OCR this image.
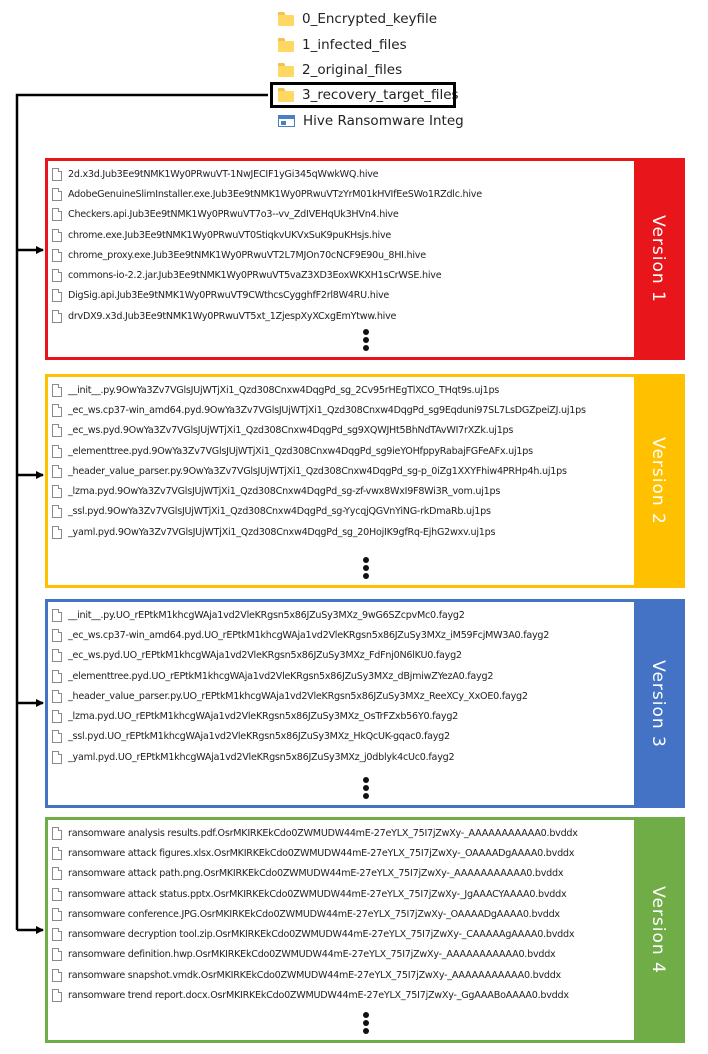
0_Encrypted_keyfile
1_infected_files
2_original_files
3_recovery_target_files
Hive Ransomware Integ
2d.x3d.Jub3Ee9tNMK1Wy0PRwuVT-1NwJECIF1yGi345qWwkWQ.hive
AdobeGenuineSlimInstaller.exe.Jub3Ee9tNMK1Wy0PRwuVTzYrM01kHVIfEeSWo1RZdlc.hive
Checkers.api.Jub3Ee9tNMK1Wy0PRwuVT7o3--vv_ZdIVEHqUk3HVn4.hive
chrome.exe.Jub3Ee9tNMK1Wy0PRwuVT0StiqkvUKVxSuK9puKHsjs.hive
chrome_proxy.exe.Jub3Ee9tNMK1Wy0PRwuVT2L7MJOn70cNCF9E90u_8HI.hive
commons-io-2.2.jar.Jub3Ee9tNMK1Wy0PRwuVT5vaZ3XD3EoxWKXH1sCrWSE.hive
DigSig.api.Jub3Ee9tNMK1Wy0PRwuVT9CWthcsCygghfF2rl8W4RU.hive
drvDX9.x3d.Jub3Ee9tNMK1Wy0PRwuVT5xt_1ZjespXyXCxgEmYtww.hive
Version 1
__init__.py.9OwYa3Zv7VGlsJUjWTjXi1_Qzd308Cnxw4DqgPd_sg_2Cv95rHEgTlXCO_THqt9s.uj1ps
_ec_ws.cp37-win_amd64.pyd.9OwYa3Zv7VGlsJUjWTjXi1_Qzd308Cnxw4DqgPd_sg9Eqduni97SL7LsDGZpeiZJ.uj1ps
_ec_ws.pyd.9OwYa3Zv7VGlsJUjWTjXi1_Qzd308Cnxw4DqgPd_sg9XQWJHt5BhNdTAvWI7rXZk.uj1ps
_elementtree.pyd.9OwYa3Zv7VGlsJUjWTjXi1_Qzd308Cnxw4DqgPd_sg9ieYOHfppyRabajFGFeAFx.uj1ps
_header_value_parser.py.9OwYa3Zv7VGlsJUjWTjXi1_Qzd308Cnxw4DqgPd_sg-p_0iZg1XXYFhiw4PRHp4h.uj1ps
_lzma.pyd.9OwYa3Zv7VGlsJUjWTjXi1_Qzd308Cnxw4DqgPd_sg-zf-vwx8WxI9F8Wi3R_vom.uj1ps
_ssl.pyd.9OwYa3Zv7VGlsJUjWTjXi1_Qzd308Cnxw4DqgPd_sg-YycqjQGVnYiNG-rkDmaRb.uj1ps
_yaml.pyd.9OwYa3Zv7VGlsJUjWTjXi1_Qzd308Cnxw4DqgPd_sg_20HojIK9gfRq-EjhG2wxv.uj1ps
Version 2
__init__.py.UO_rEPtkM1khcgWAja1vd2VleKRgsn5x86JZuSy3MXz_9wG6SZcpvMc0.fayg2
_ec_ws.cp37-win_amd64.pyd.UO_rEPtkM1khcgWAja1vd2VleKRgsn5x86JZuSy3MXz_iM59FcjMW3A0.fayg2
_ec_ws.pyd.UO_rEPtkM1khcgWAja1vd2VleKRgsn5x86JZuSy3MXz_FdFnj0N6lKU0.fayg2
_elementtree.pyd.UO_rEPtkM1khcgWAja1vd2VleKRgsn5x86JZuSy3MXz_dBjmiwZYezA0.fayg2
_header_value_parser.py.UO_rEPtkM1khcgWAja1vd2VleKRgsn5x86JZuSy3MXz_ReeXCy_XxOE0.fayg2
_lzma.pyd.UO_rEPtkM1khcgWAja1vd2VleKRgsn5x86JZuSy3MXz_OsTrFZxb56Y0.fayg2
_ssl.pyd.UO_rEPtkM1khcgWAja1vd2VleKRgsn5x86JZuSy3MXz_HkQcUK-gqac0.fayg2
_yaml.pyd.UO_rEPtkM1khcgWAja1vd2VleKRgsn5x86JZuSy3MXz_j0dblyk4cUc0.fayg2
Version 3
ransomware analysis results.pdf.OsrMKIRKEkCdo0ZWMUDW44mE-27eYLX_75I7jZwXy-_AAAAAAAAAAA0.bvddx
ransomware attack figures.xlsx.OsrMKIRKEkCdo0ZWMUDW44mE-27eYLX_75I7jZwXy-_OAAAADgAAAA0.bvddx
ransomware attack path.png.OsrMKIRKEkCdo0ZWMUDW44mE-27eYLX_75I7jZwXy-_AAAAAAAAAAA0.bvddx
ransomware attack status.pptx.OsrMKIRKEkCdo0ZWMUDW44mE-27eYLX_75I7jZwXy-_JgAAACYAAAA0.bvddx
ransomware conference.JPG.OsrMKIRKEkCdo0ZWMUDW44mE-27eYLX_75I7jZwXy-_OAAAADgAAAA0.bvddx
ransomware decryption tool.zip.OsrMKIRKEkCdo0ZWMUDW44mE-27eYLX_75I7jZwXy-_CAAAAAgAAAA0.bvddx
ransomware definition.hwp.OsrMKIRKEkCdo0ZWMUDW44mE-27eYLX_75I7jZwXy-_AAAAAAAAAAA0.bvddx
ransomware snapshot.vmdk.OsrMKIRKEkCdo0ZWMUDW44mE-27eYLX_75I7jZwXy-_AAAAAAAAAAA0.bvddx
ransomware trend report.docx.OsrMKIRKEkCdo0ZWMUDW44mE-27eYLX_75I7jZwXy-_GgAAABoAAAA0.bvddx
Version 4
